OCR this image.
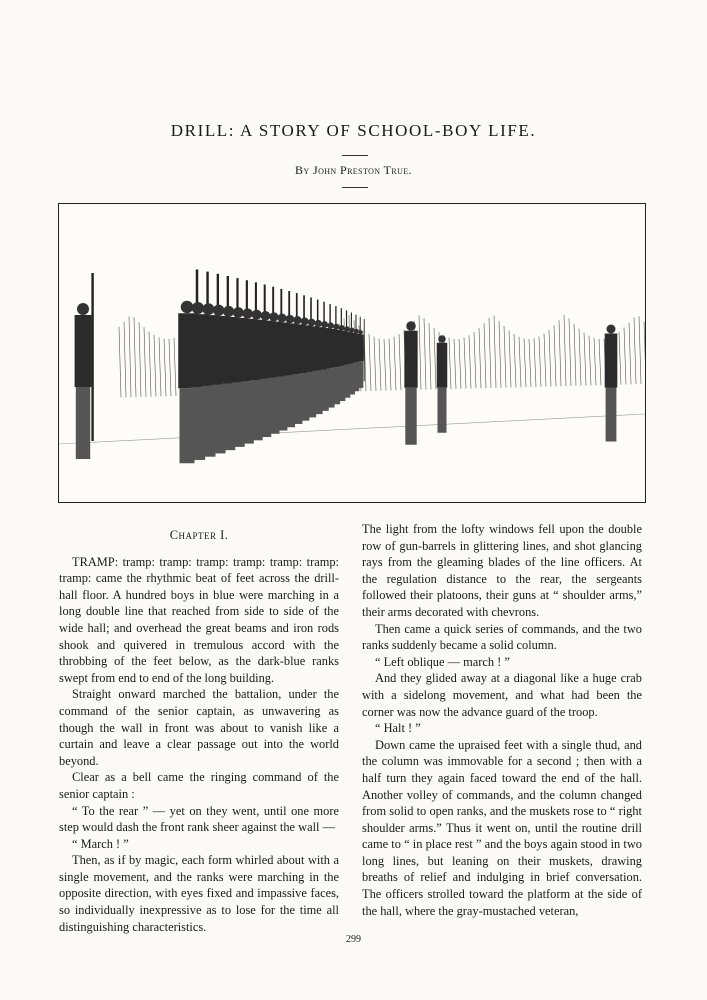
DRILL: A STORY OF SCHOOL-BOY LIFE.
By John Preston True.
Chapter I.

TRAMP: tramp: tramp: tramp: tramp: tramp: tramp: tramp: came the rhythmic beat of feet across the drill-hall floor. A hundred boys in blue were marching in a long double line that reached from side to side of the wide hall; and overhead the great beams and iron rods shook and quivered in tremulous accord with the throbbing of the feet below, as the dark-blue ranks swept from end to end of the long building.

Straight onward marched the battalion, under the command of the senior captain, as unwavering as though the wall in front was about to vanish like a curtain and leave a clear passage out into the world beyond.

Clear as a bell came the ringing command of the senior captain :

“ To the rear ” — yet on they went, until one more step would dash the front rank sheer against the wall —

“ March ! ”

Then, as if by magic, each form whirled about with a single movement, and the ranks were marching in the opposite direction, with eyes fixed and impassive faces, so individually inexpressive as to lose for the time all distinguishing characteristics.

The light from the lofty windows fell upon the double row of gun-barrels in glittering lines, and shot glancing rays from the gleaming blades of the line officers. At the regulation distance to the rear, the sergeants followed their platoons, their guns at “ shoulder arms,” their arms decorated with chevrons.

Then came a quick series of commands, and the two ranks suddenly became a solid column.

“ Left oblique — march ! ”

And they glided away at a diagonal like a huge crab with a sidelong movement, and what had been the corner was now the advance guard of the troop.

“ Halt ! ”

Down came the upraised feet with a single thud, and the column was immovable for a second ; then with a half turn they again faced toward the end of the hall. Another volley of commands, and the column changed from solid to open ranks, and the muskets rose to “ right shoulder arms.” Thus it went on, until the routine drill came to “ in place rest ” and the boys again stood in two long lines, but leaning on their muskets, drawing breaths of relief and indulging in brief conversation. The officers strolled toward the platform at the side of the hall, where the gray-mustached veteran,

299
